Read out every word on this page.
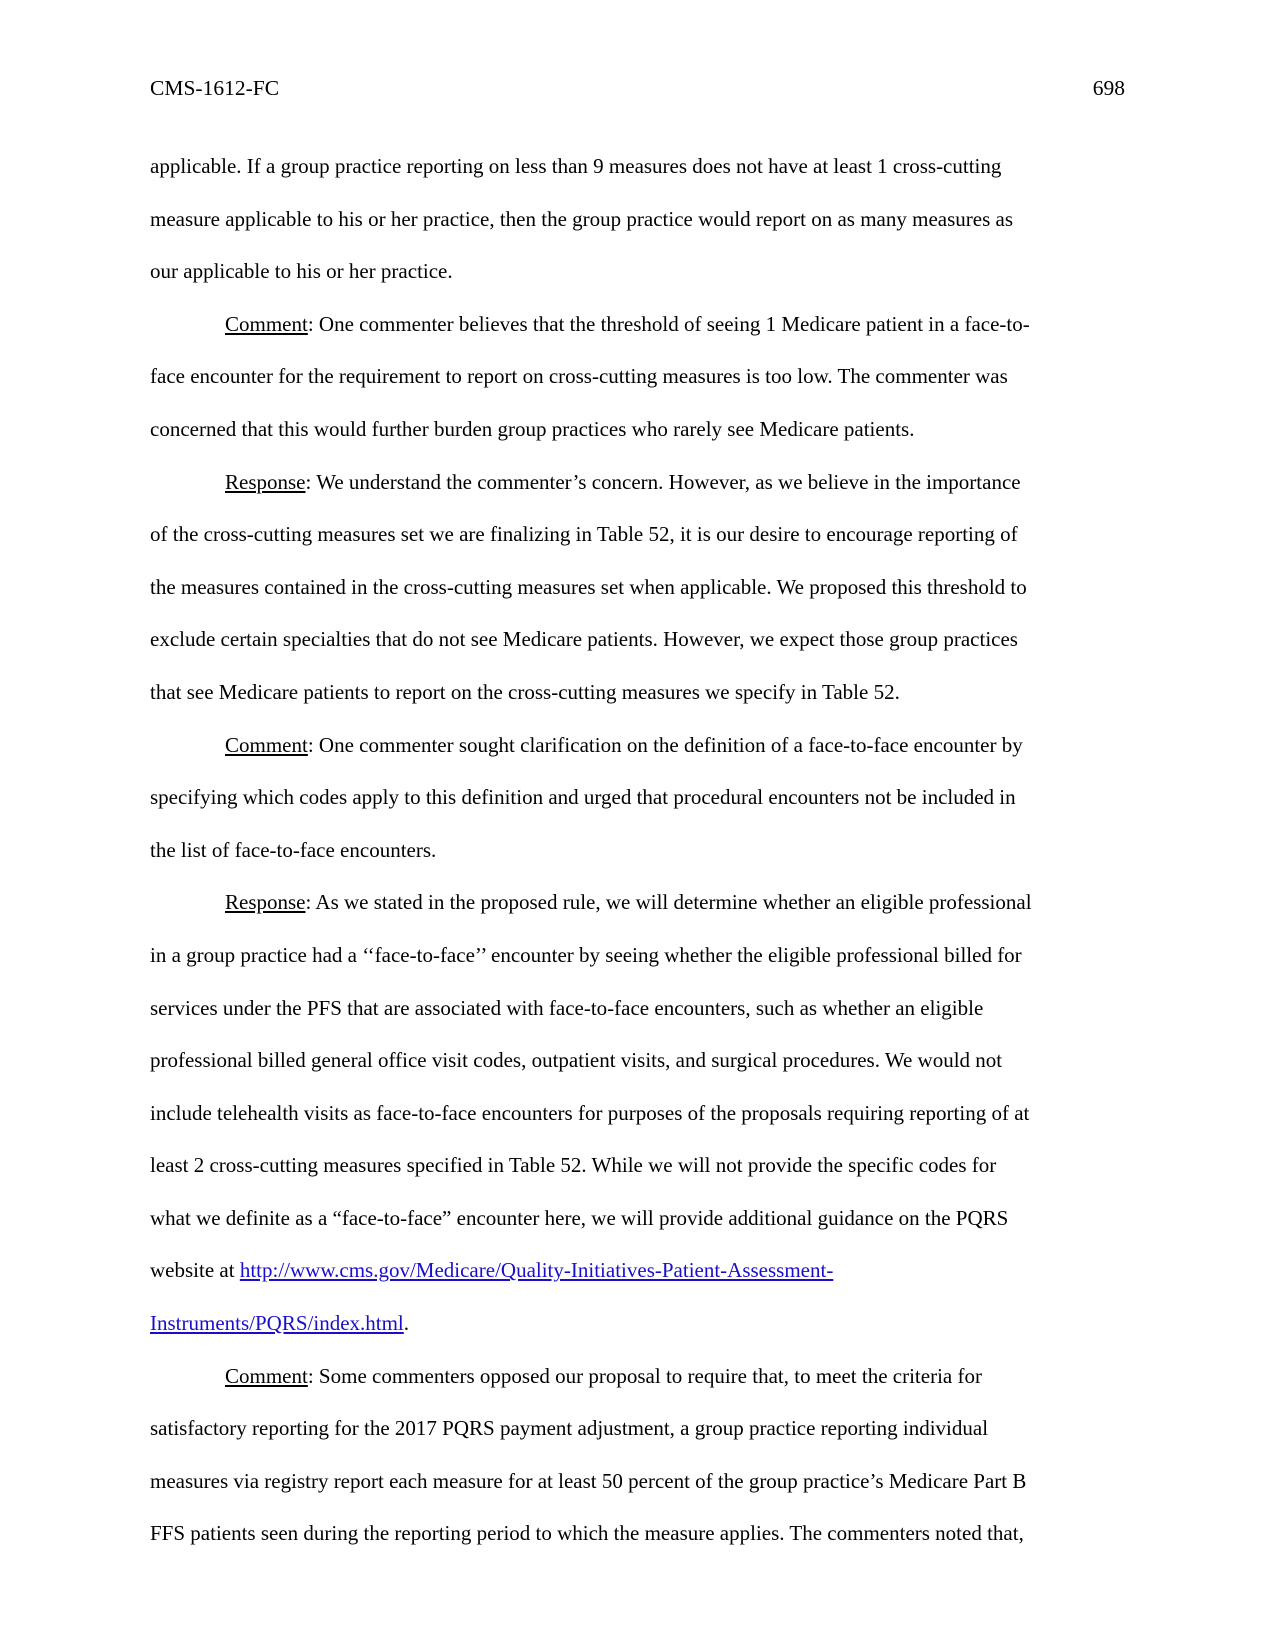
CMS-1612-FC	698

applicable. If a group practice reporting on less than 9 measures does not have at least 1 cross-cutting
measure applicable to his or her practice, then the group practice would report on as many measures as
our applicable to his or her practice.

Comment: One commenter believes that the threshold of seeing 1 Medicare patient in a face-to-
face encounter for the requirement to report on cross-cutting measures is too low. The commenter was
concerned that this would further burden group practices who rarely see Medicare patients.

Response: We understand the commenter’s concern. However, as we believe in the importance
of the cross-cutting measures set we are finalizing in Table 52, it is our desire to encourage reporting of
the measures contained in the cross-cutting measures set when applicable. We proposed this threshold to
exclude certain specialties that do not see Medicare patients. However, we expect those group practices
that see Medicare patients to report on the cross-cutting measures we specify in Table 52.

Comment: One commenter sought clarification on the definition of a face-to-face encounter by
specifying which codes apply to this definition and urged that procedural encounters not be included in
the list of face-to-face encounters.

Response: As we stated in the proposed rule, we will determine whether an eligible professional
in a group practice had a ‘‘face-to-face’’ encounter by seeing whether the eligible professional billed for
services under the PFS that are associated with face-to-face encounters, such as whether an eligible
professional billed general office visit codes, outpatient visits, and surgical procedures. We would not
include telehealth visits as face-to-face encounters for purposes of the proposals requiring reporting of at
least 2 cross-cutting measures specified in Table 52. While we will not provide the specific codes for
what we definite as a “face-to-face” encounter here, we will provide additional guidance on the PQRS
website at http://www.cms.gov/Medicare/Quality-Initiatives-Patient-Assessment-
Instruments/PQRS/index.html.

Comment: Some commenters opposed our proposal to require that, to meet the criteria for
satisfactory reporting for the 2017 PQRS payment adjustment, a group practice reporting individual
measures via registry report each measure for at least 50 percent of the group practice’s Medicare Part B
FFS patients seen during the reporting period to which the measure applies. The commenters noted that,
